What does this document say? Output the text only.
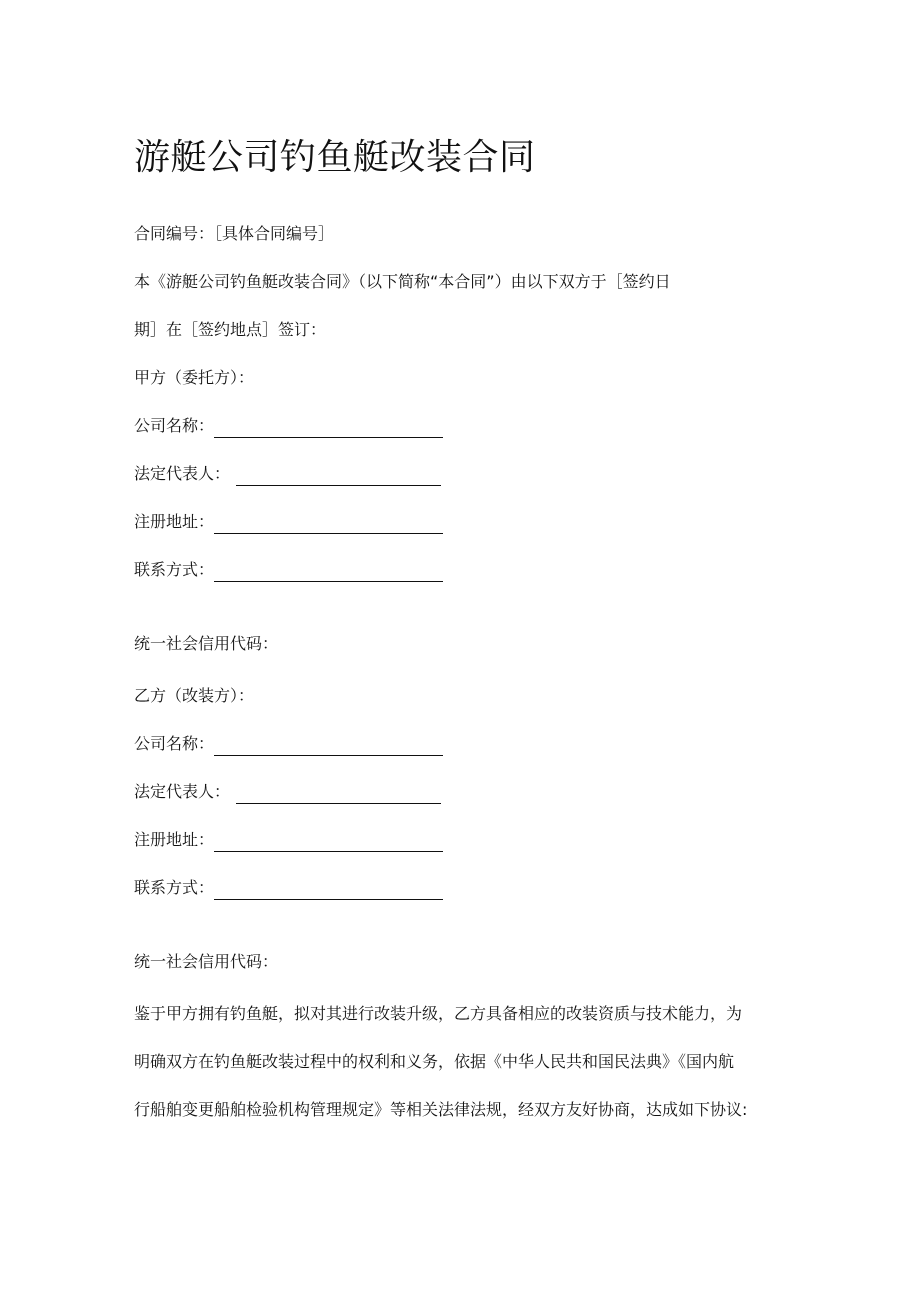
游艇公司钓鱼艇改装合同
合同编号：［具体合同编号］
本《游艇公司钓鱼艇改装合同》（以下简称“本合同”）由以下双方于［签约日
期］在［签约地点］签订：
甲方（委托方）：
公司名称：
法定代表人：
注册地址：
联系方式：
统一社会信用代码：
乙方（改装方）：
公司名称：
法定代表人：
注册地址：
联系方式：
统一社会信用代码：
鉴于甲方拥有钓鱼艇，拟对其进行改装升级，乙方具备相应的改装资质与技术能力，为
明确双方在钓鱼艇改装过程中的权利和义务，依据《中华人民共和国民法典》《国内航
行船舶变更船舶检验机构管理规定》等相关法律法规，经双方友好协商，达成如下协议:
